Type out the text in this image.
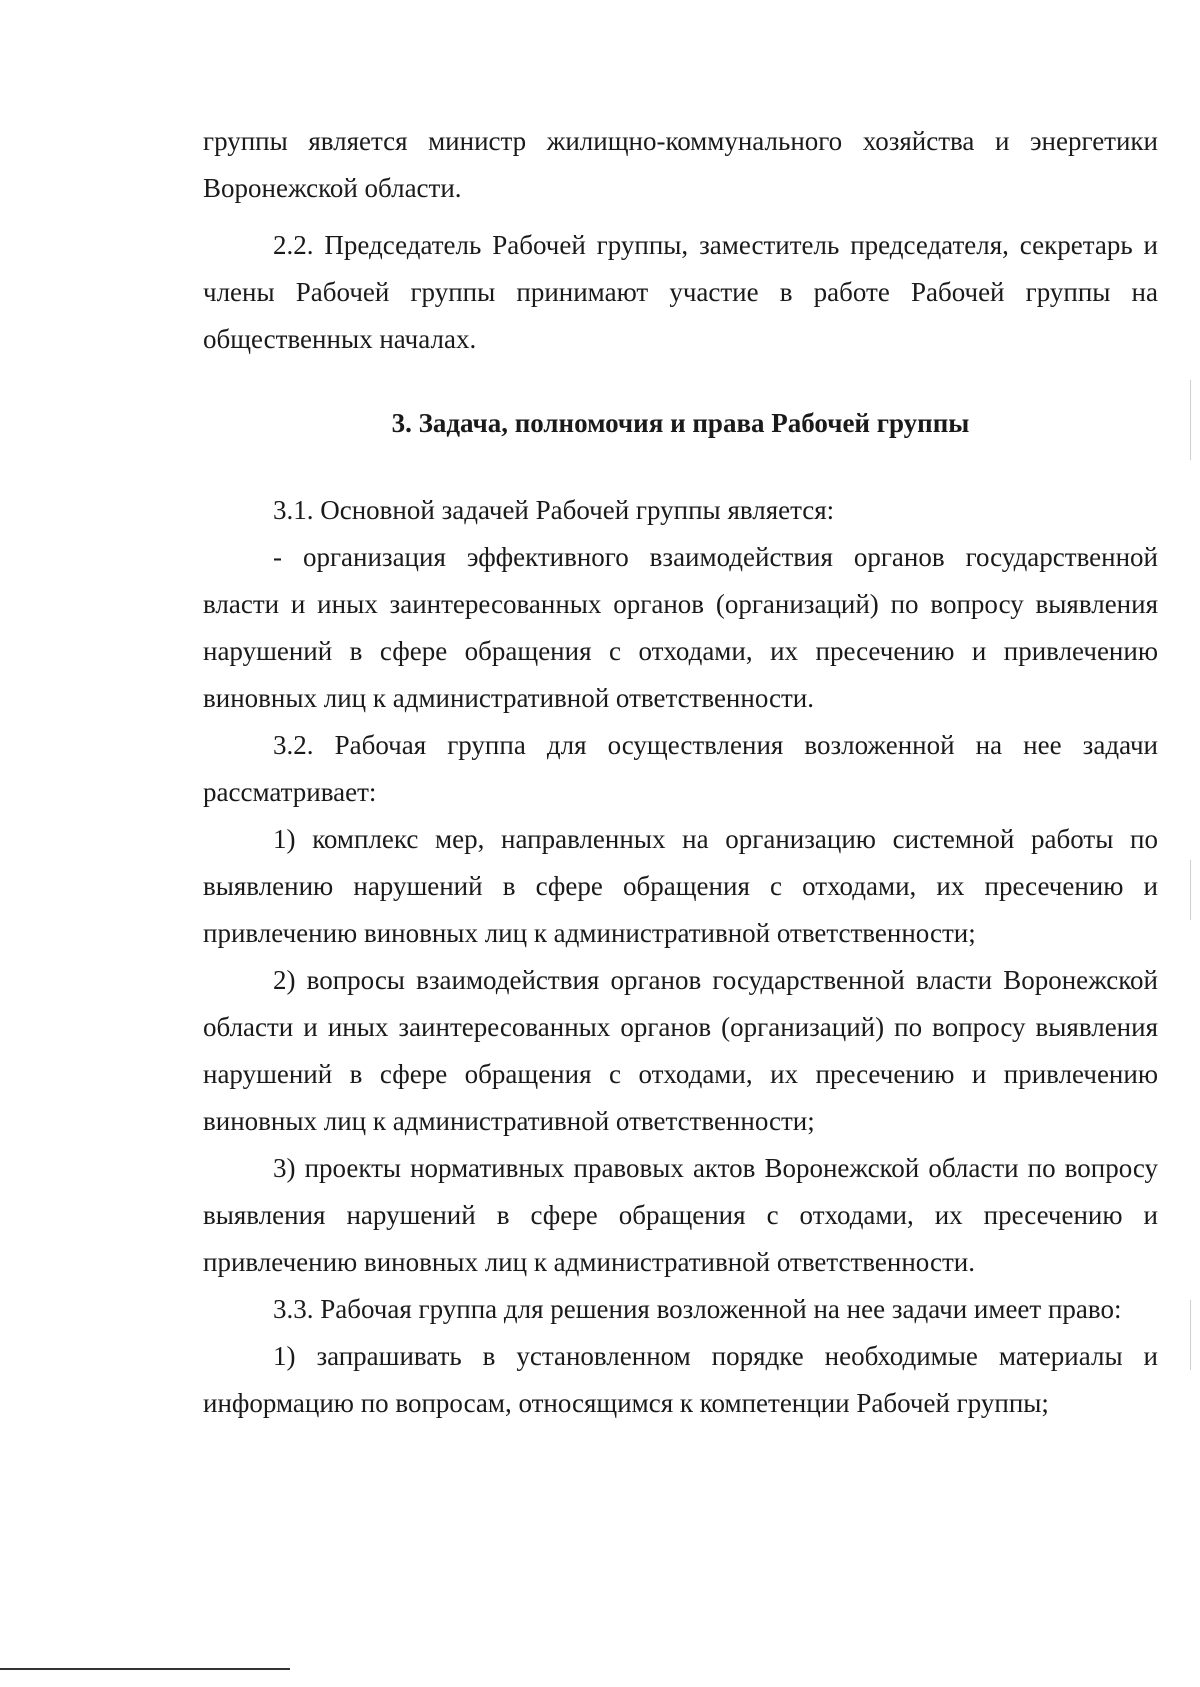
группы является министр жилищно-коммунального хозяйства и энергетики Воронежской области.

2.2. Председатель Рабочей группы, заместитель председателя, секретарь и члены Рабочей группы принимают участие в работе Рабочей группы на общественных началах.

3. Задача, полномочия и права Рабочей группы

3.1. Основной задачей Рабочей группы является:

- организация эффективного взаимодействия органов государственной власти и иных заинтересованных органов (организаций) по вопросу выявления нарушений в сфере обращения с отходами, их пресечению и привлечению виновных лиц к административной ответственности.

3.2. Рабочая группа для осуществления возложенной на нее задачи рассматривает:

1) комплекс мер, направленных на организацию системной работы по выявлению нарушений в сфере обращения с отходами, их пресечению и привлечению виновных лиц к административной ответственности;

2) вопросы взаимодействия органов государственной власти Воронежской области и иных заинтересованных органов (организаций) по вопросу выявления нарушений в сфере обращения с отходами, их пресечению и привлечению виновных лиц к административной ответственности;

3) проекты нормативных правовых актов Воронежской области по вопросу выявления нарушений в сфере обращения с отходами, их пресечению и привлечению виновных лиц к административной ответственности.

3.3. Рабочая группа для решения возложенной на нее задачи имеет право:

1) запрашивать в установленном порядке необходимые материалы и информацию по вопросам, относящимся к компетенции Рабочей группы;
